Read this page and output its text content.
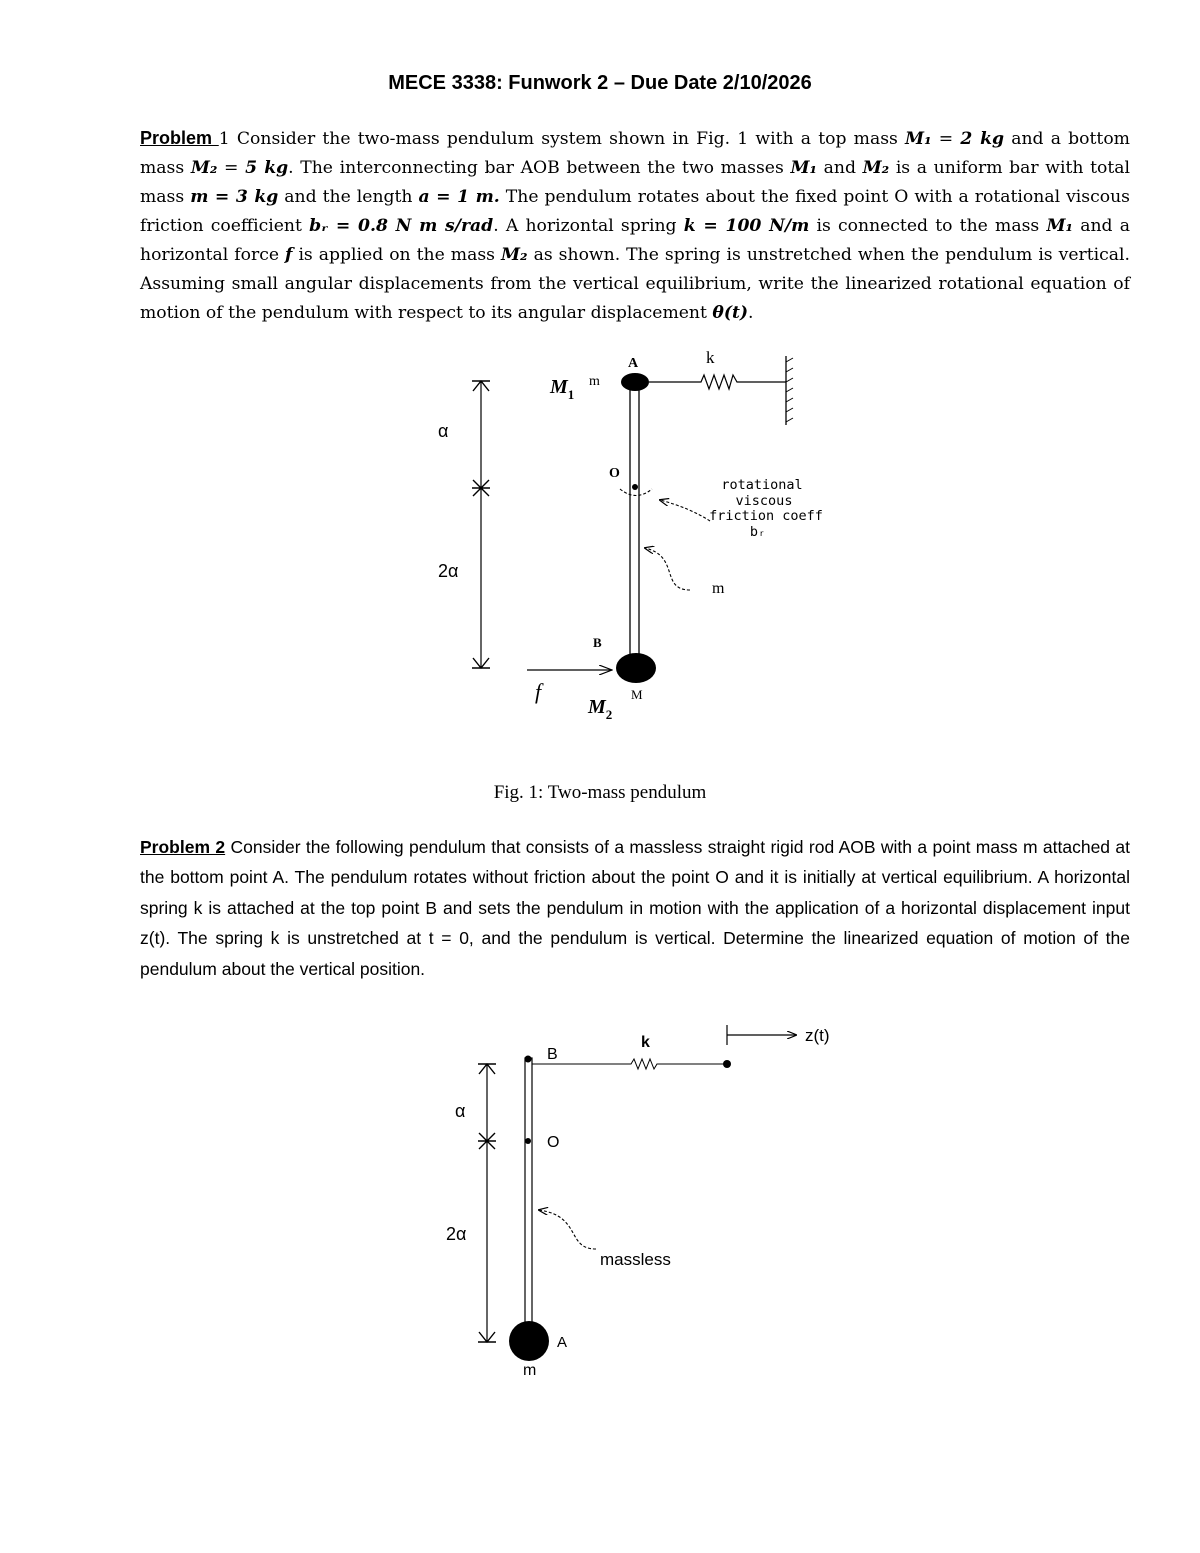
MECE 3338: Funwork 2 – Due Date 2/10/2026
Problem 1 Consider the two-mass pendulum system shown in Fig. 1 with a top mass M₁ = 2 kg and a bottom mass M₂ = 5 kg. The interconnecting bar AOB between the two masses M₁ and M₂ is a uniform bar with total mass m = 3 kg and the length a = 1 m. The pendulum rotates about the fixed point O with a rotational viscous friction coefficient bᵣ = 0.8 N m s/rad. A horizontal spring k = 100 N/m is connected to the mass M₁ and a horizontal force f is applied on the mass M₂ as shown. The spring is unstretched when the pendulum is vertical. Assuming small angular displacements from the vertical equilibrium, write the linearized rotational equation of motion of the pendulum with respect to its angular displacement θ(t).
α
2α
A	k
$M_1$
m
O
rotational
viscous
friction coeff
bᵣ
m
B
f	M
$M_2$
Fig. 1: Two-mass pendulum
Problem 2 Consider the following pendulum that consists of a massless straight rigid rod AOB with a point mass m attached at the bottom point A. The pendulum rotates without friction about the point O and it is initially at vertical equilibrium. A horizontal spring k is attached at the top point B and sets the pendulum in motion with the application of a horizontal displacement input z(t). The spring k is unstretched at t = 0, and the pendulum is vertical. Determine the linearized equation of motion of the pendulum about the vertical position.
α
2α
B
k	z(t)
O
massless
A
m
